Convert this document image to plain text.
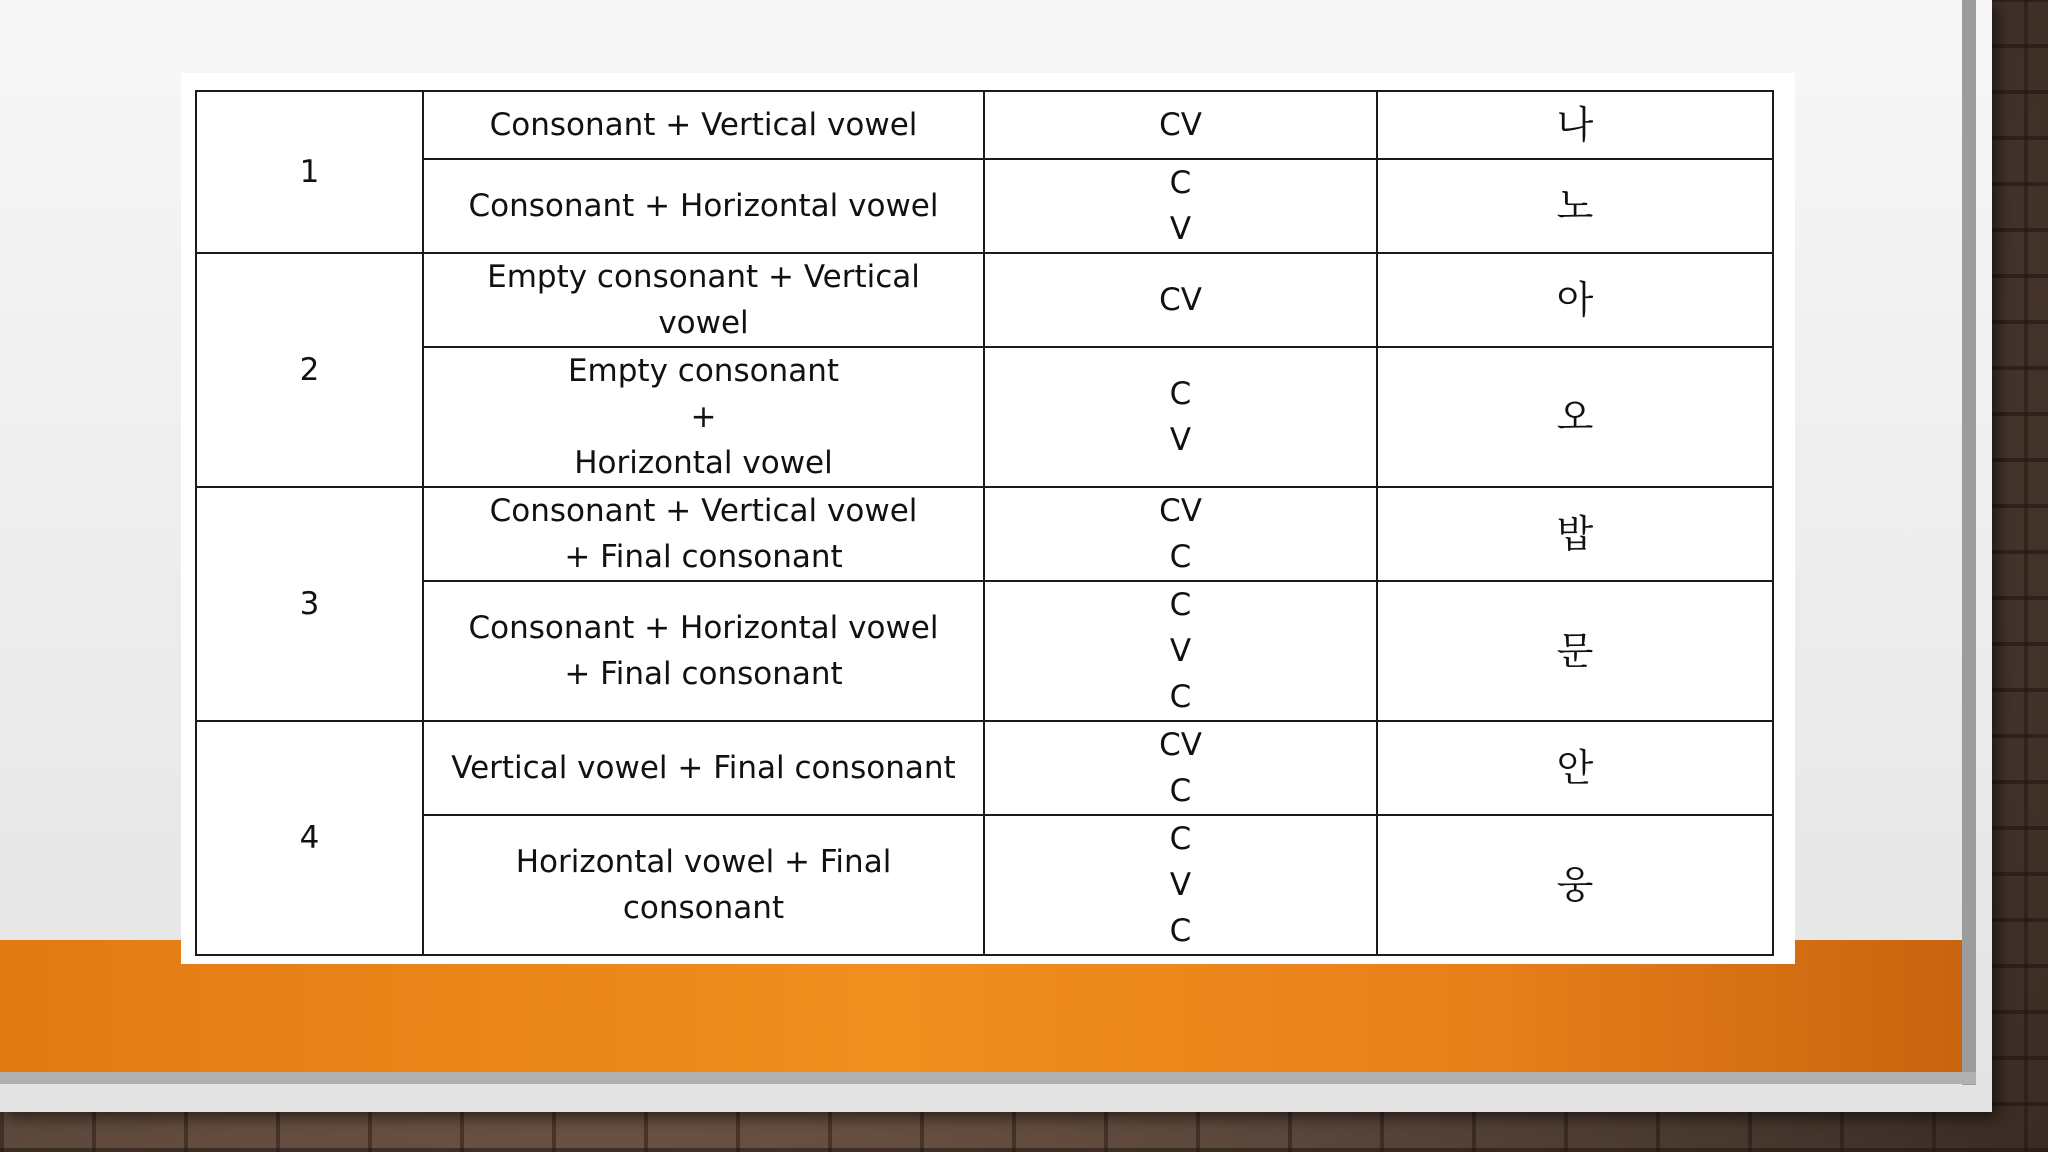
1	Consonant + Vertical vowel	CV	나
	Consonant + Horizontal vowel	C
V	노
2	Empty consonant + Vertical
vowel	CV	아
	Empty consonant
+
Horizontal vowel	C
V	오
3	Consonant + Vertical vowel
+ Final consonant	CV
C	밥
	Consonant + Horizontal vowel
+ Final consonant	C
V
C	문
4	Vertical vowel + Final consonant	CV
C	안
	Horizontal vowel + Final
consonant	C
V
C	웅
